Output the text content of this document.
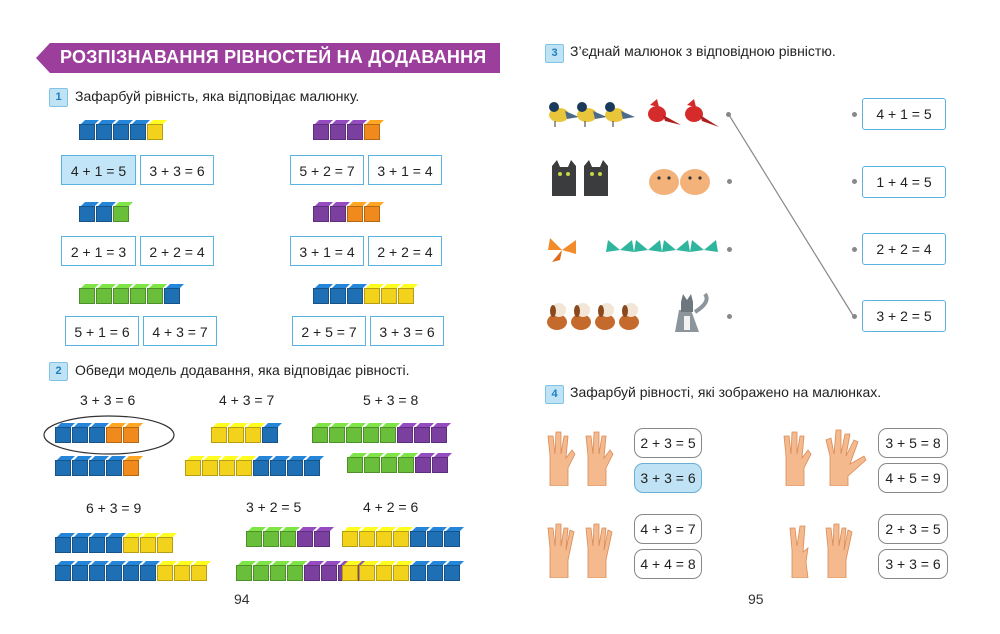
РОЗПІЗНАВАННЯ РІВНОСТЕЙ НА ДОДАВАННЯ
1 Зафарбуй рівність, яка відповідає малюнку.
4 + 1 = 5	3 + 3 = 6	5 + 2 = 7	3 + 1 = 4
2 + 1 = 3	2 + 2 = 4	3 + 1 = 4	2 + 2 = 4
5 + 1 = 6	4 + 3 = 7	2 + 5 = 7	3 + 3 = 6
2 Обведи модель додавання, яка відповідає рівності.
3 + 3 = 6	4 + 3 = 7	5 + 3 = 8
6 + 3 = 9	3 + 2 = 5	4 + 2 = 6
94
3 З’єднай малюнок з відповідною рівністю.
4 + 1 = 5
1 + 4 = 5
2 + 2 = 4
3 + 2 = 5
4 Зафарбуй рівності, які зображено на малюнках.
2 + 3 = 5
3 + 3 = 6
3 + 5 = 8
4 + 5 = 9
4 + 3 = 7
4 + 4 = 8
2 + 3 = 5
3 + 3 = 6
95
